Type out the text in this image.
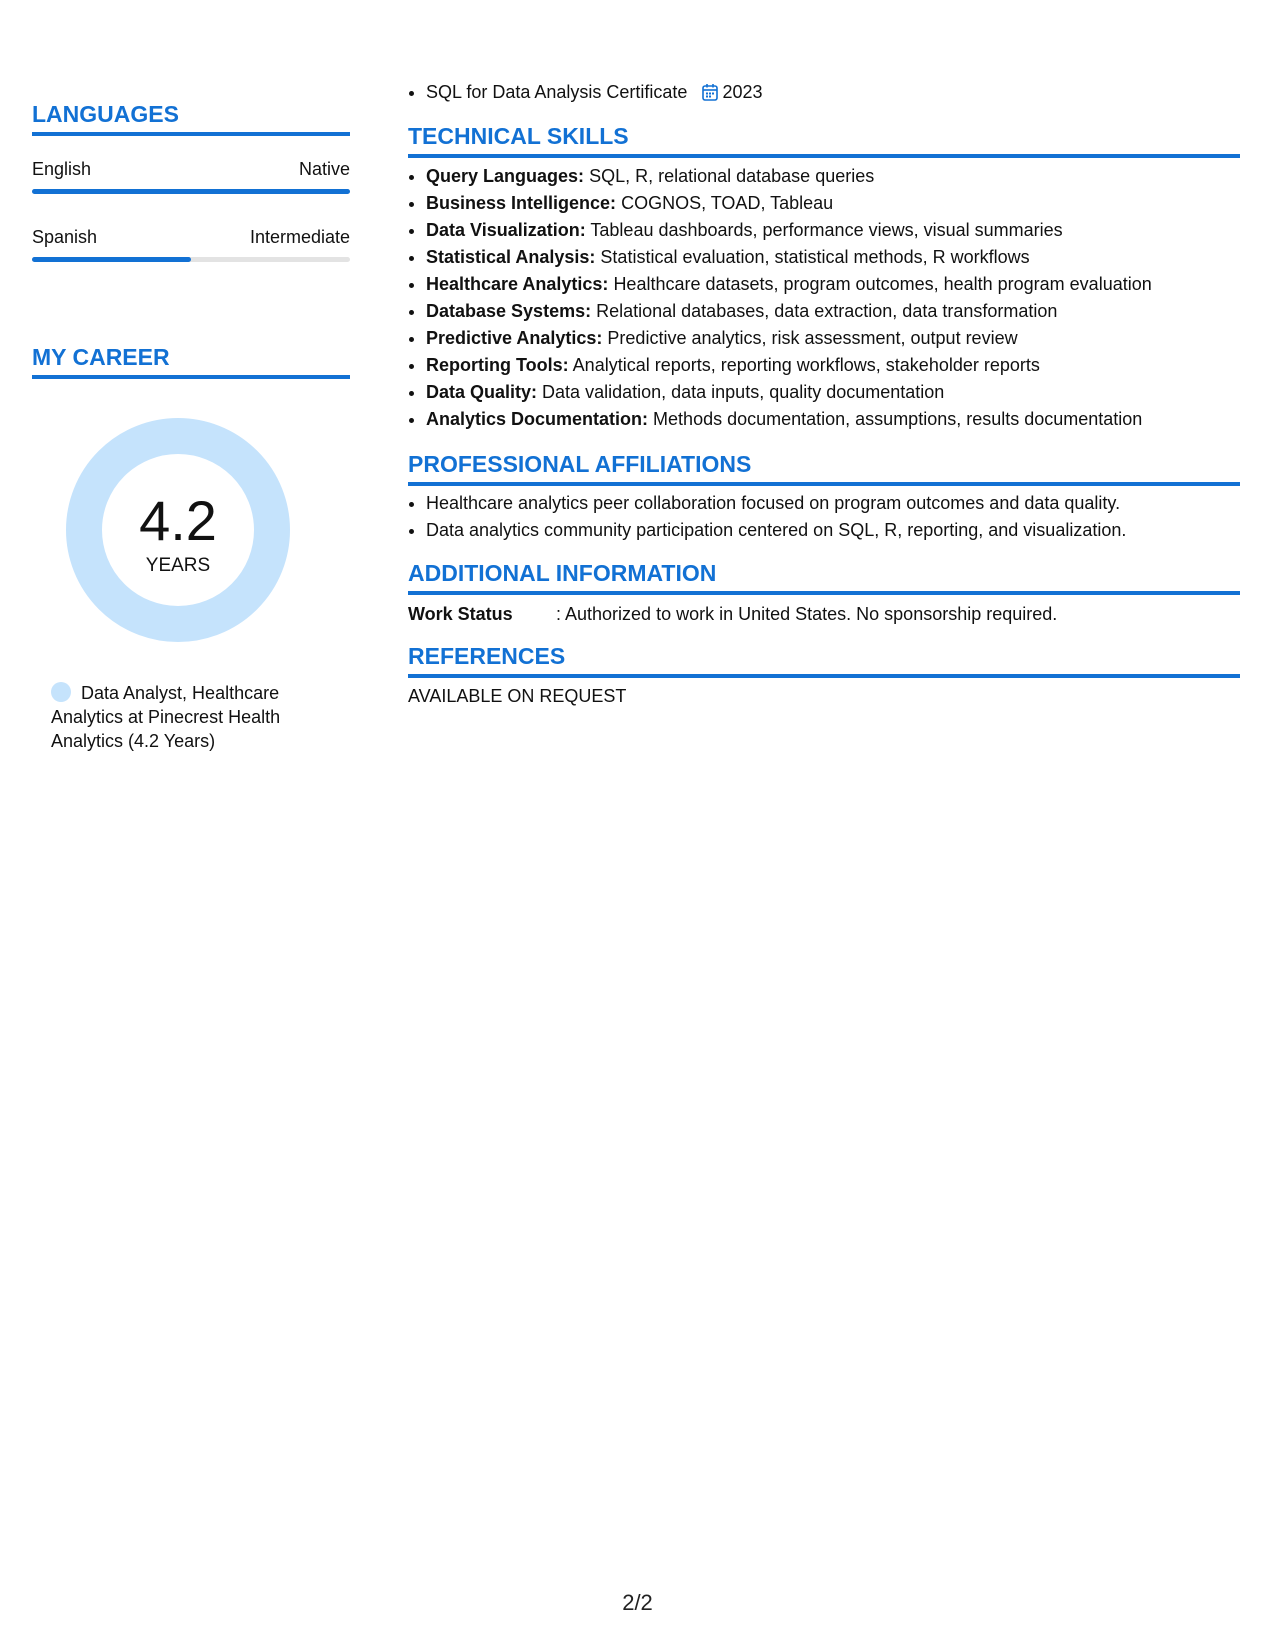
LANGUAGES
English	Native
Spanish	Intermediate
MY CAREER
4.2
YEARS
Data Analyst, Healthcare Analytics at Pinecrest Health Analytics (4.2 Years)
• SQL for Data Analysis Certificate 2023
TECHNICAL SKILLS
• Query Languages: SQL, R, relational database queries
• Business Intelligence: COGNOS, TOAD, Tableau
• Data Visualization: Tableau dashboards, performance views, visual summaries
• Statistical Analysis: Statistical evaluation, statistical methods, R workflows
• Healthcare Analytics: Healthcare datasets, program outcomes, health program evaluation
• Database Systems: Relational databases, data extraction, data transformation
• Predictive Analytics: Predictive analytics, risk assessment, output review
• Reporting Tools: Analytical reports, reporting workflows, stakeholder reports
• Data Quality: Data validation, data inputs, quality documentation
• Analytics Documentation: Methods documentation, assumptions, results documentation
PROFESSIONAL AFFILIATIONS
• Healthcare analytics peer collaboration focused on program outcomes and data quality.
• Data analytics community participation centered on SQL, R, reporting, and visualization.
ADDITIONAL INFORMATION
Work Status : Authorized to work in United States. No sponsorship required.
REFERENCES
AVAILABLE ON REQUEST
2/2
